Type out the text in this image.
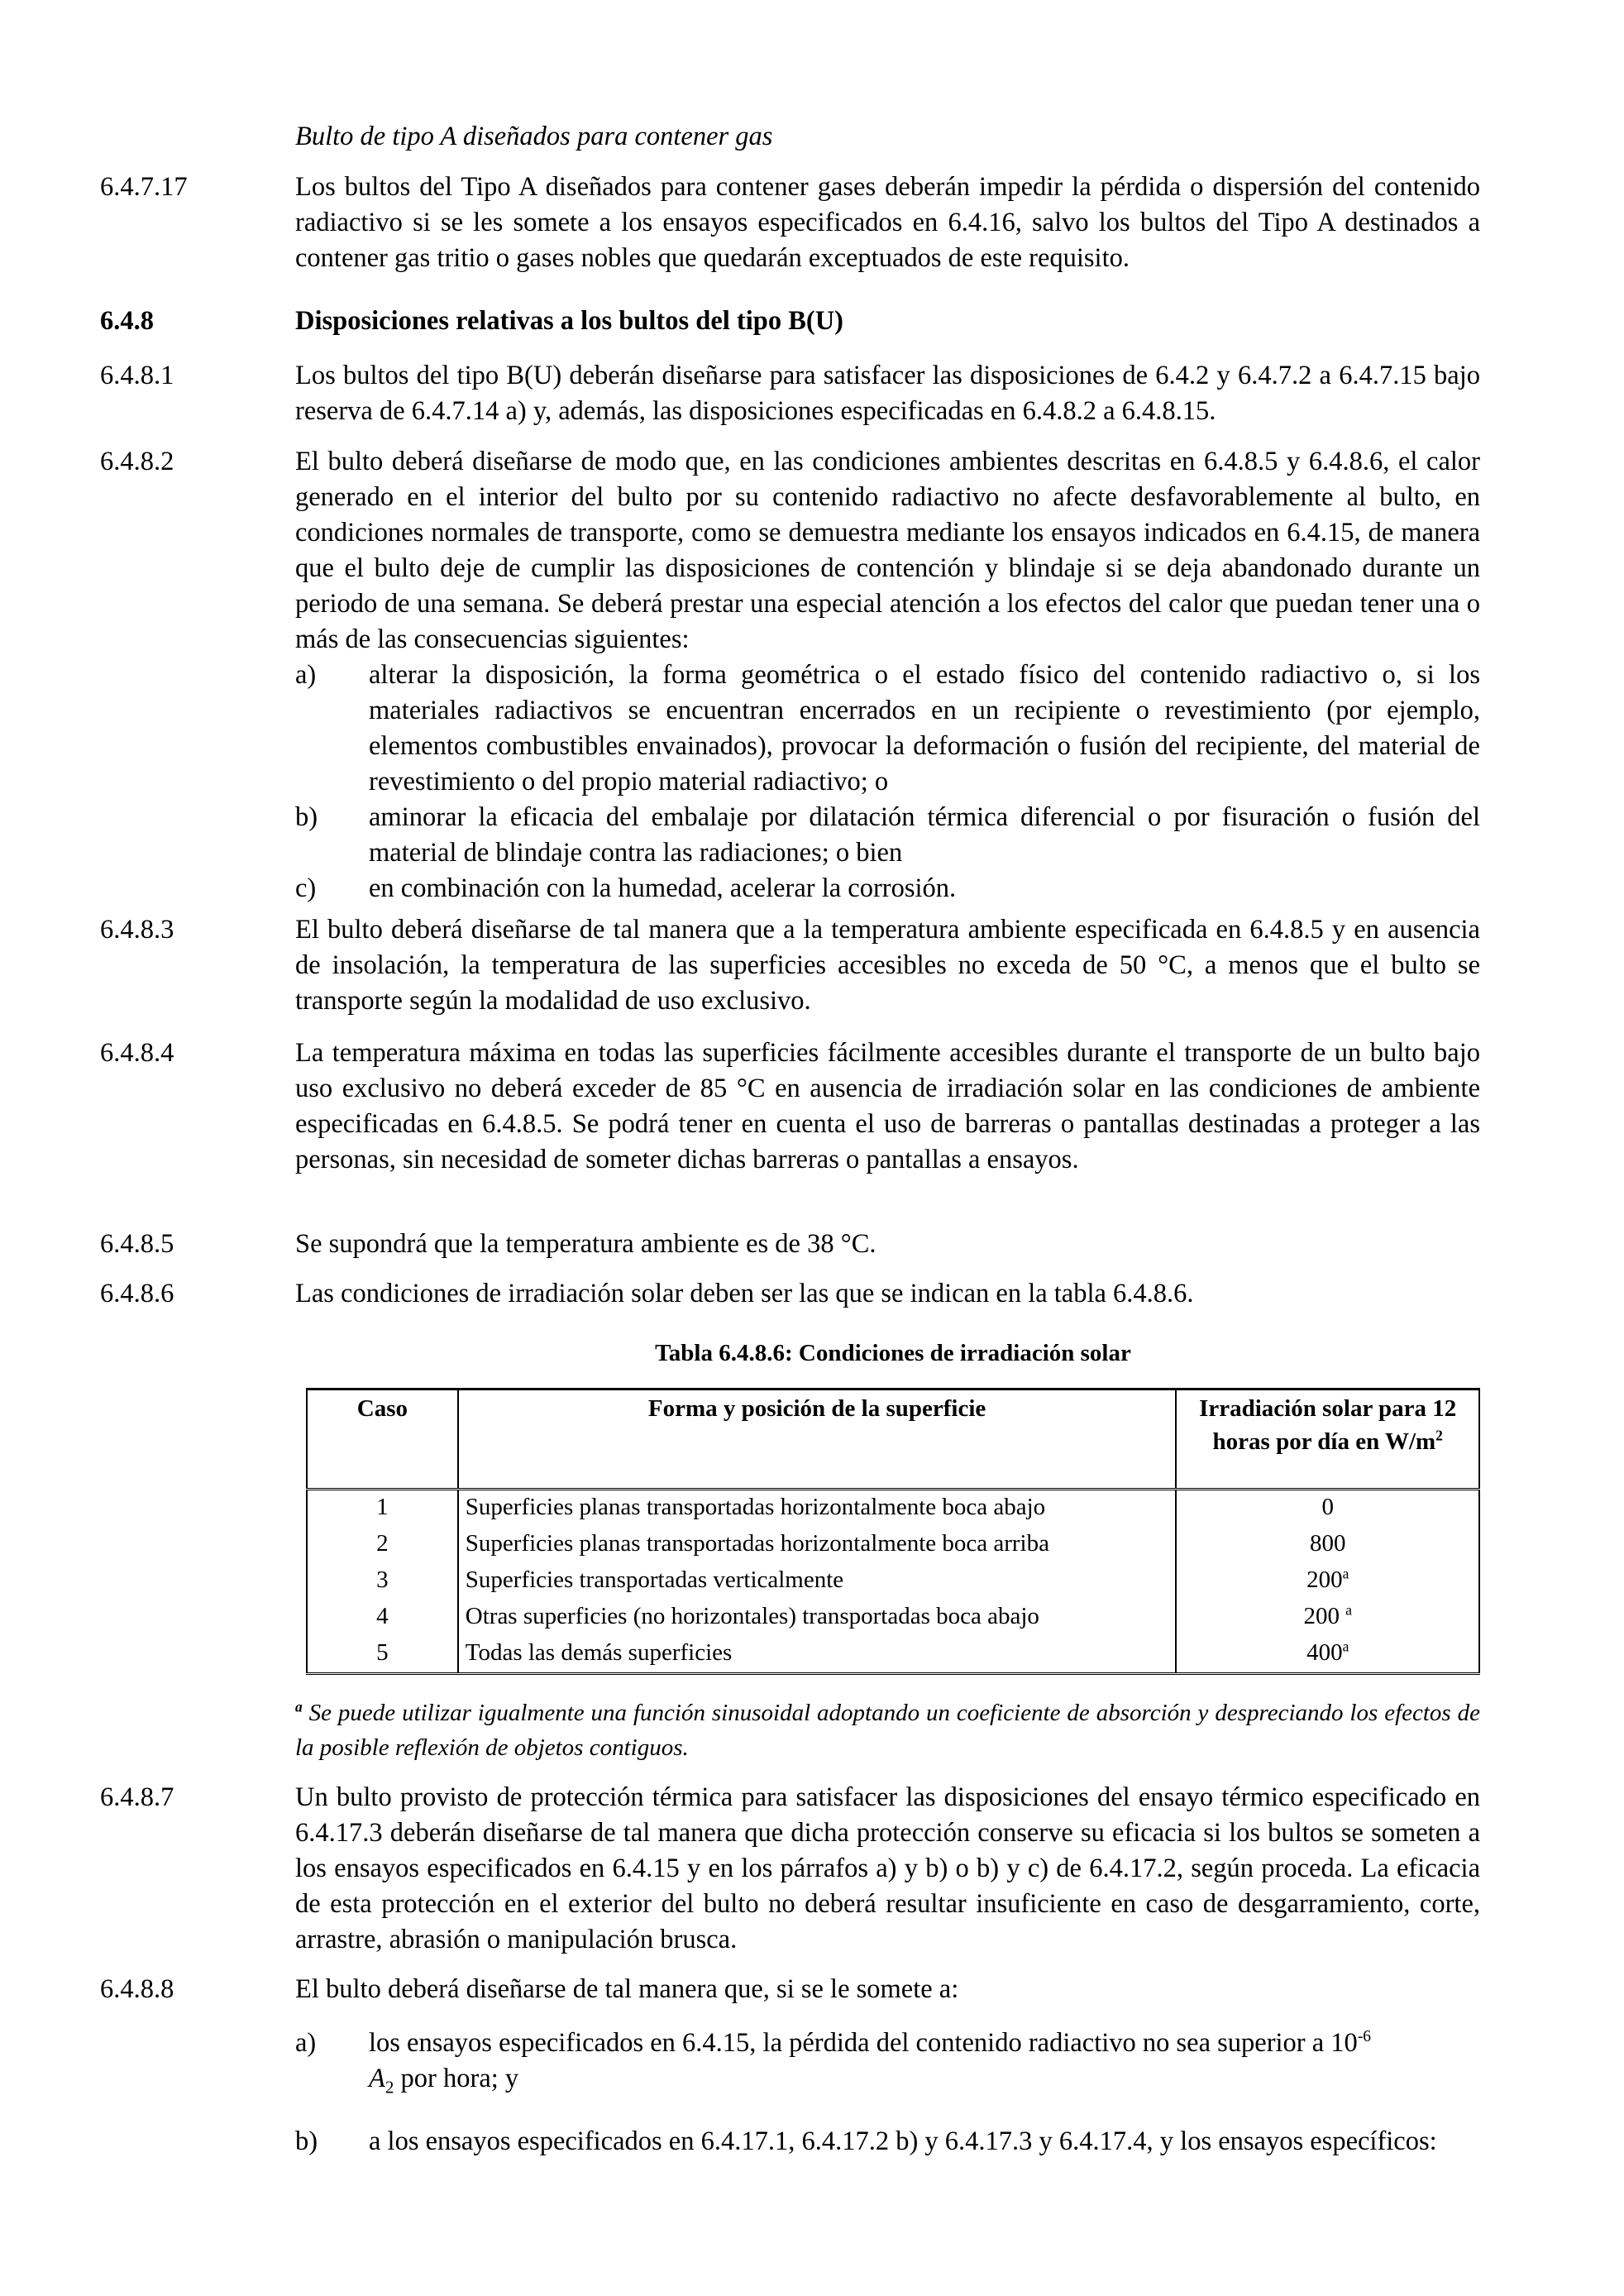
Bulto de tipo A diseñados para contener gas
6.4.7.17	Los bultos del Tipo A diseñados para contener gases deberán impedir la pérdida o dispersión del contenido radiactivo si se les somete a los ensayos especificados en 6.4.16, salvo los bultos del Tipo A destinados a contener gas tritio o gases nobles que quedarán exceptuados de este requisito.
6.4.8	Disposiciones relativas a los bultos del tipo B(U)
6.4.8.1	Los bultos del tipo B(U) deberán diseñarse para satisfacer las disposiciones de 6.4.2 y 6.4.7.2 a 6.4.7.15 bajo reserva de 6.4.7.14 a) y, además, las disposiciones especificadas en 6.4.8.2 a 6.4.8.15.
6.4.8.2	El bulto deberá diseñarse de modo que, en las condiciones ambientes descritas en 6.4.8.5 y 6.4.8.6, el calor generado en el interior del bulto por su contenido radiactivo no afecte desfavorablemente al bulto, en condiciones normales de transporte, como se demuestra mediante los ensayos indicados en 6.4.15, de manera que el bulto deje de cumplir las disposiciones de contención y blindaje si se deja abandonado durante un periodo de una semana. Se deberá prestar una especial atención a los efectos del calor que puedan tener una o más de las consecuencias siguientes:
a) alterar la disposición, la forma geométrica o el estado físico del contenido radiactivo o, si los materiales radiactivos se encuentran encerrados en un recipiente o revestimiento (por ejemplo, elementos combustibles envainados), provocar la deformación o fusión del recipiente, del material de revestimiento o del propio material radiactivo; o
b) aminorar la eficacia del embalaje por dilatación térmica diferencial o por fisuración o fusión del material de blindaje contra las radiaciones; o bien
c) en combinación con la humedad, acelerar la corrosión.
6.4.8.3	El bulto deberá diseñarse de tal manera que a la temperatura ambiente especificada en 6.4.8.5 y en ausencia de insolación, la temperatura de las superficies accesibles no exceda de 50 °C, a menos que el bulto se transporte según la modalidad de uso exclusivo.
6.4.8.4	La temperatura máxima en todas las superficies fácilmente accesibles durante el transporte de un bulto bajo uso exclusivo no deberá exceder de 85 °C en ausencia de irradiación solar en las condiciones de ambiente especificadas en 6.4.8.5. Se podrá tener en cuenta el uso de barreras o pantallas destinadas a proteger a las personas, sin necesidad de someter dichas barreras o pantallas a ensayos.
6.4.8.5	Se supondrá que la temperatura ambiente es de 38 °C.
6.4.8.6	Las condiciones de irradiación solar deben ser las que se indican en la tabla 6.4.8.6.
Tabla 6.4.8.6: Condiciones de irradiación solar
Caso	Forma y posición de la superficie	Irradiación solar para 12 horas por día en $W/m^2$
1	Superficies planas transportadas horizontalmente boca abajo	0
2	Superficies planas transportadas horizontalmente boca arriba	800
3	Superficies transportadas verticalmente	200$^a$
4	Otras superficies (no horizontales) transportadas boca abajo	200 $^a$
5	Todas las demás superficies	400$^a$
$^a$ Se puede utilizar igualmente una función sinusoidal adoptando un coeficiente de absorción y despreciando los efectos de la posible reflexión de objetos contiguos.
6.4.8.7	Un bulto provisto de protección térmica para satisfacer las disposiciones del ensayo térmico especificado en 6.4.17.3 deberán diseñarse de tal manera que dicha protección conserve su eficacia si los bultos se someten a los ensayos especificados en 6.4.15 y en los párrafos a) y b) o b) y c) de 6.4.17.2, según proceda. La eficacia de esta protección en el exterior del bulto no deberá resultar insuficiente en caso de desgarramiento, corte, arrastre, abrasión o manipulación brusca.
6.4.8.8	El bulto deberá diseñarse de tal manera que, si se le somete a:
a) los ensayos especificados en 6.4.15, la pérdida del contenido radiactivo no sea superior a $10^{-6}$
$A_2$ por hora; y
b) a los ensayos especificados en 6.4.17.1, 6.4.17.2 b) y 6.4.17.3 y 6.4.17.4, y los ensayos específicos:
